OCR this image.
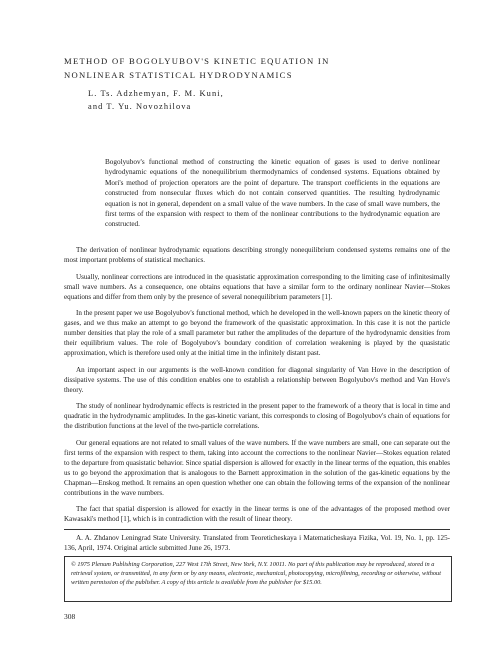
METHOD OF BOGOLYUBOV'S KINETIC EQUATION IN
NONLINEAR STATISTICAL HYDRODYNAMICS
L. Ts. Adzhemyan, F. M. Kuni,
and T. Yu. Novozhilova
Bogolyubov's functional method of constructing the kinetic equation of gases is used to derive nonlinear hydrodynamic equations of the nonequilibrium thermodynamics of condensed systems. Equations obtained by Mori's method of projection operators are the point of departure. The transport coefficients in the equations are constructed from nonsecular fluxes which do not contain conserved quantities. The resulting hydrodynamic equation is not in general, dependent on a small value of the wave numbers. In the case of small wave numbers, the first terms of the expansion with respect to them of the nonlinear contributions to the hydrodynamic equation are constructed.

The derivation of nonlinear hydrodynamic equations describing strongly nonequilibrium condensed systems remains one of the most important problems of statistical mechanics.

Usually, nonlinear corrections are introduced in the quasistatic approximation corresponding to the limiting case of infinitesimally small wave numbers. As a consequence, one obtains equations that have a similar form to the ordinary nonlinear Navier—Stokes equations and differ from them only by the presence of several nonequilibrium parameters [1].

In the present paper we use Bogolyubov's functional method, which he developed in the well-known papers on the kinetic theory of gases, and we thus make an attempt to go beyond the framework of the quasistatic approximation. In this case it is not the particle number densities that play the role of a small parameter but rather the amplitudes of the departure of the hydrodynamic densities from their equilibrium values. The role of Bogolyubov's boundary condition of correlation weakening is played by the quasistatic approximation, which is therefore used only at the initial time in the infinitely distant past.

An important aspect in our arguments is the well-known condition for diagonal singularity of Van Hove in the description of dissipative systems. The use of this condition enables one to establish a relationship between Bogolyubov's method and Van Hove's theory.

The study of nonlinear hydrodynamic effects is restricted in the present paper to the framework of a theory that is local in time and quadratic in the hydrodynamic amplitudes. In the gas-kinetic variant, this corresponds to closing of Bogolyubov's chain of equations for the distribution functions at the level of the two-particle correlations.

Our general equations are not related to small values of the wave numbers. If the wave numbers are small, one can separate out the first terms of the expansion with respect to them, taking into account the corrections to the nonlinear Navier—Stokes equation related to the departure from quasistatic behavior. Since spatial dispersion is allowed for exactly in the linear terms of the equation, this enables us to go beyond the approximation that is analogous to the Barnett approximation in the solution of the gas-kinetic equations by the Chapman—Enskog method. It remains an open question whether one can obtain the following terms of the expansion of the nonlinear contributions in the wave numbers.

The fact that spatial dispersion is allowed for exactly in the linear terms is one of the advantages of the proposed method over Kawasaki's method [1], which is in contradiction with the result of linear theory.

A. A. Zhdanov Leningrad State University. Translated from Teoreticheskaya i Matematicheskaya Fizika, Vol. 19, No. 1, pp. 125-136, April, 1974. Original article submitted June 26, 1973.
© 1975 Plenum Publishing Corporation, 227 West 17th Street, New York, N.Y. 10011. No part of this publication may be reproduced, stored in a retrieval system, or transmitted, in any form or by any means, electronic, mechanical, photocopying, microfilming, recording or otherwise, without written permission of the publisher. A copy of this article is available from the publisher for $15.00.
308
